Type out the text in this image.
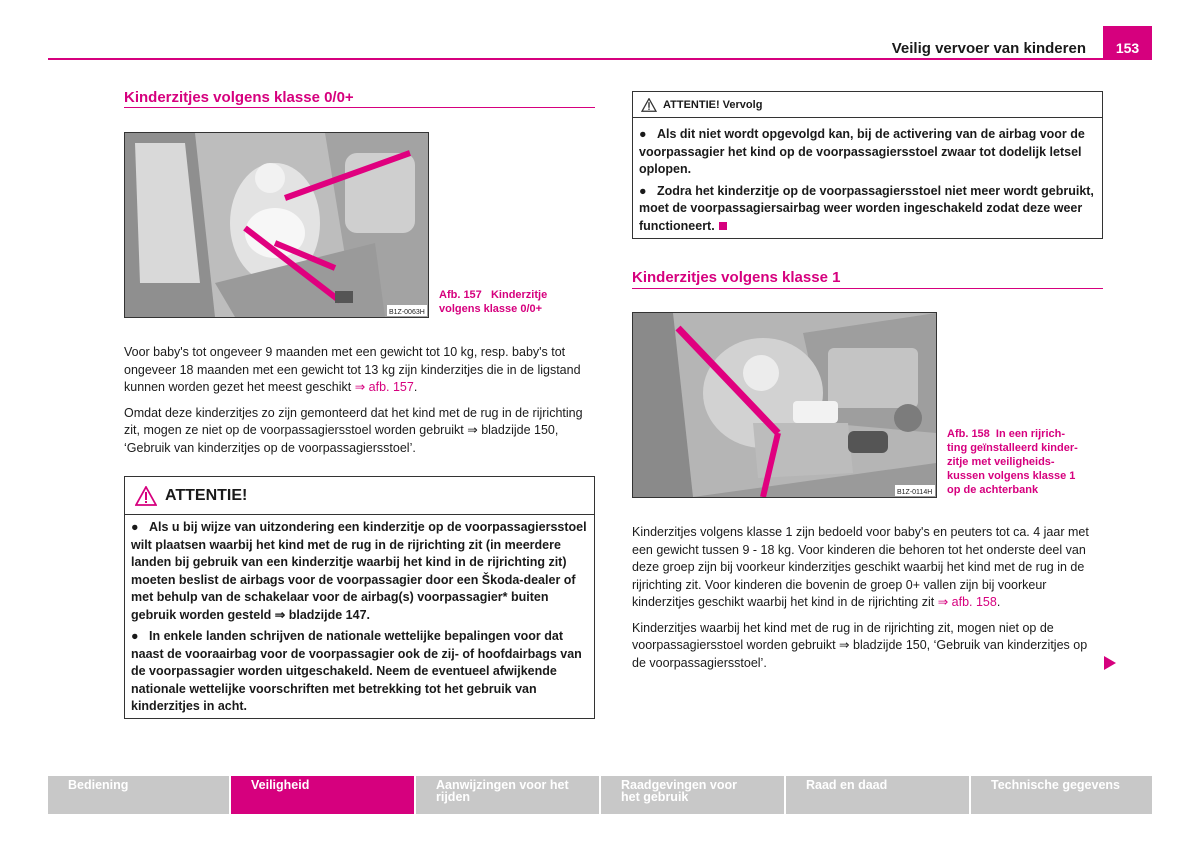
Veilig vervoer van kinderen 153
Kinderzitjes volgens klasse 0/0+
B1Z-0063H
Afb. 157 Kinderzitje
volgens klasse 0/0+

Voor baby's tot ongeveer 9 maanden met een gewicht tot 10 kg, resp. baby's tot ongeveer 18 maanden met een gewicht tot 13 kg zijn kinderzitjes die in de ligstand kunnen worden gezet het meest geschikt ⇒ afb. 157.

Omdat deze kinderzitjes zo zijn gemonteerd dat het kind met de rug in de rijrichting zit, mogen ze niet op de voorpassagiersstoel worden gebruikt ⇒ bladzijde 150, ‘Gebruik van kinderzitjes op de voorpassagiersstoel’.

ATTENTIE!

● Als u bij wijze van uitzondering een kinderzitje op de voorpassagiersstoel wilt plaatsen waarbij het kind met de rug in de rijrichting zit (in meerdere landen bij gebruik van een kinderzitje waarbij het kind in de rijrichting zit) moeten beslist de airbags voor de voorpassagier door een Škoda-dealer of met behulp van de schakelaar voor de airbag(s) voorpassagier* buiten gebruik worden gesteld ⇒ bladzijde 147.

● In enkele landen schrijven de nationale wettelijke bepalingen voor dat naast de vooraairbag voor de voorpassagier ook de zij- of hoofdairbags van de voorpassagier worden uitgeschakeld. Neem de eventueel afwijkende nationale wettelijke voorschriften met betrekking tot het gebruik van kinderzitjes in acht.

ATTENTIE! Vervolg

● Als dit niet wordt opgevolgd kan, bij de activering van de airbag voor de voorpassagier het kind op de voorpassagiersstoel zwaar tot dodelijk letsel oplopen.

● Zodra het kinderzitje op de voorpassagiersstoel niet meer wordt gebruikt, moet de voorpassagiersairbag weer worden ingeschakeld zodat deze weer functioneert.

Kinderzitjes volgens klasse 1
B1Z-0114H
Afb. 158 In een rijrich-
ting geïnstalleerd kinder-
zitje met veiligheids-
kussen volgens klasse 1
op de achterbank

Kinderzitjes volgens klasse 1 zijn bedoeld voor baby's en peuters tot ca. 4 jaar met een gewicht tussen 9 - 18 kg. Voor kinderen die behoren tot het onderste deel van deze groep zijn bij voorkeur kinderzitjes geschikt waarbij het kind met de rug in de rijrichting zit. Voor kinderen die bovenin de groep 0+ vallen zijn bij voorkeur kinderzitjes geschikt waarbij het kind in de rijrichting zit ⇒ afb. 158.

Kinderzitjes waarbij het kind met de rug in de rijrichting zit, mogen niet op de voorpassagiersstoel worden gebruikt ⇒ bladzijde 150, ‘Gebruik van kinderzitjes op de voorpassagiersstoel’.

Bediening	Veiligheid	Aanwijzingen voor het rijden
Raadgevingen voor het gebruik
Raad en daad	Technische gegevens
